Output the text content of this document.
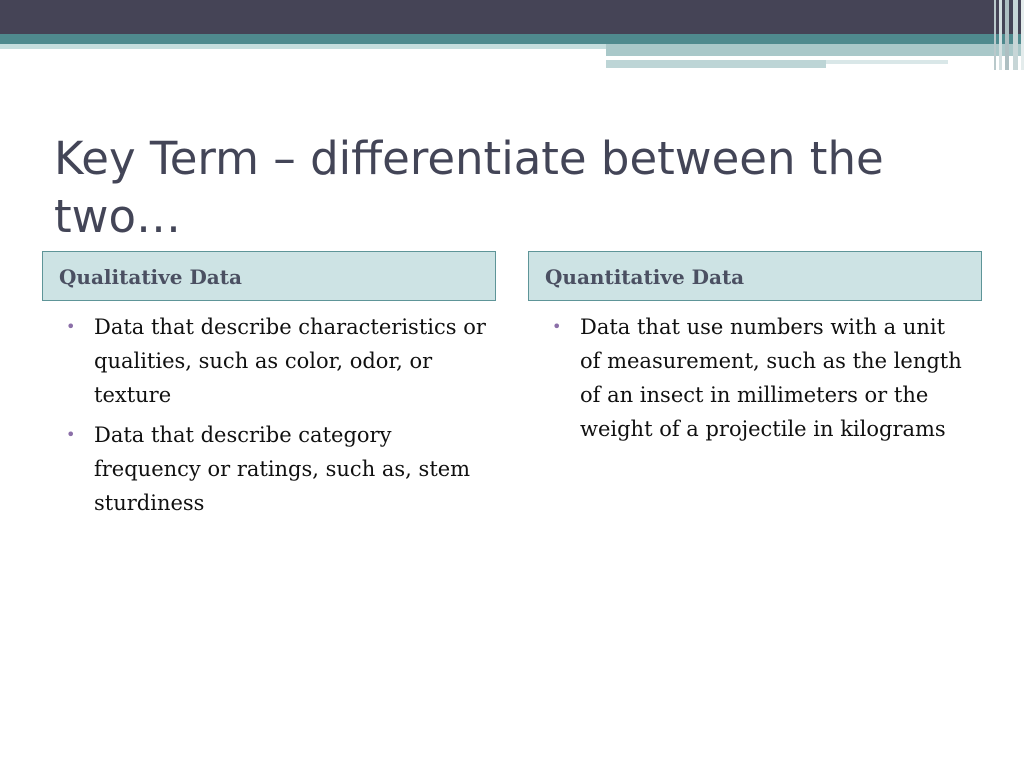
Key Term – differentiate between the two…
Qualitative Data	Quantitative Data
• Data that describe characteristics or qualities, such as color, odor, or texture
• Data that describe category frequency or ratings, such as, stem sturdiness
• Data that use numbers with a unit of measurement, such as the length of an insect in millimeters or the weight of a projectile in kilograms
